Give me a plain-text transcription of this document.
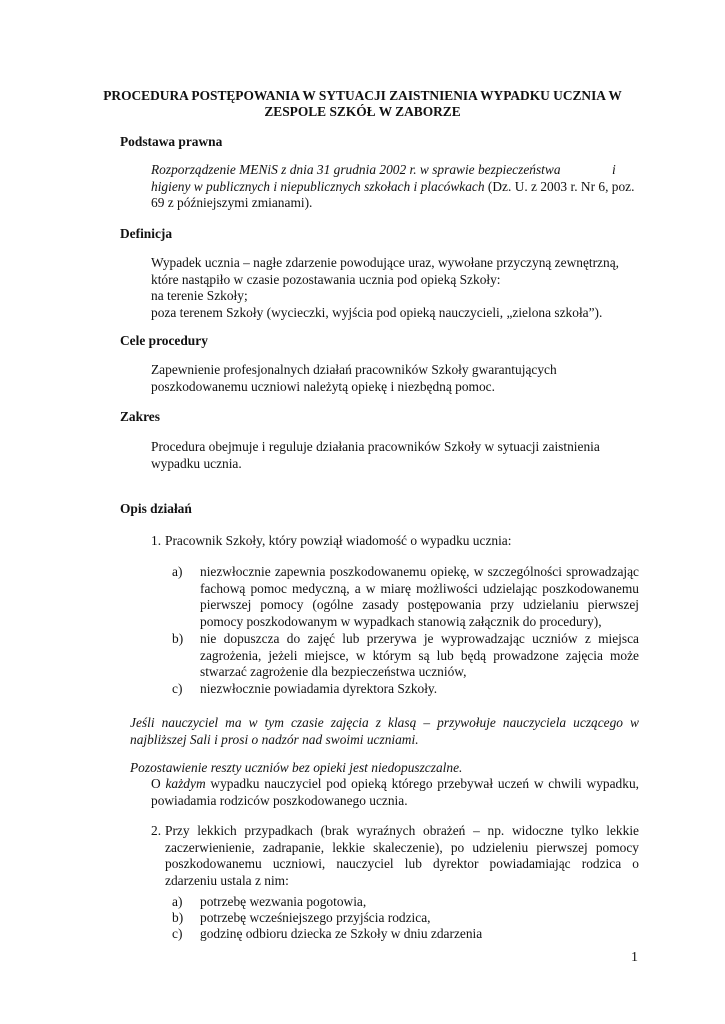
PROCEDURA POSTĘPOWANIA W SYTUACJI ZAISTNIENIA WYPADKU UCZNIA W
ZESPOLE SZKÓŁ W ZABORZE
Podstawa prawna
Rozporządzenie MENiS z dnia 31 grudnia 2002 r. w sprawie bezpieczeństwa	i
higieny w publicznych i niepublicznych szkołach i placówkach (Dz. U. z 2003 r. Nr 6, poz.
69 z późniejszymi zmianami).
Definicja
Wypadek ucznia – nagłe zdarzenie powodujące uraz, wywołane przyczyną zewnętrzną,
które nastąpiło w czasie pozostawania ucznia pod opieką Szkoły:
na terenie Szkoły;
poza terenem Szkoły (wycieczki, wyjścia pod opieką nauczycieli, „zielona szkoła”).
Cele procedury
Zapewnienie profesjonalnych działań pracowników Szkoły gwarantujących
poszkodowanemu uczniowi należytą opiekę i niezbędną pomoc.
Zakres
Procedura obejmuje i reguluje działania pracowników Szkoły w sytuacji zaistnienia
wypadku ucznia.
Opis działań
1. Pracownik Szkoły, który powziął wiadomość o wypadku ucznia:
a) niezwłocznie zapewnia poszkodowanemu opiekę, w szczególności sprowadzając
fachową pomoc medyczną, a w miarę możliwości udzielając poszkodowanemu
pierwszej pomocy (ogólne zasady postępowania przy udzielaniu pierwszej
pomocy poszkodowanym w wypadkach stanowią załącznik do procedury),
b) nie dopuszcza do zajęć lub przerywa je wyprowadzając uczniów z miejsca
zagrożenia, jeżeli miejsce, w którym są lub będą prowadzone zajęcia może
stwarzać zagrożenie dla bezpieczeństwa uczniów,
c) niezwłocznie powiadamia dyrektora Szkoły.
Jeśli nauczyciel ma w tym czasie zajęcia z klasą – przywołuje nauczyciela uczącego w
najbliższej Sali i prosi o nadzór nad swoimi uczniami.
Pozostawienie reszty uczniów bez opieki jest niedopuszczalne.
O każdym wypadku nauczyciel pod opieką którego przebywał uczeń w chwili wypadku,
powiadamia rodziców poszkodowanego ucznia.
2. Przy lekkich przypadkach (brak wyraźnych obrażeń – np. widoczne tylko lekkie
zaczerwienienie, zadrapanie, lekkie skaleczenie), po udzieleniu pierwszej pomocy
poszkodowanemu uczniowi, nauczyciel lub dyrektor powiadamiając rodzica o
zdarzeniu ustala z nim:
a) potrzebę wezwania pogotowia,
b) potrzebę wcześniejszego przyjścia rodzica,
c) godzinę odbioru dziecka ze Szkoły w dniu zdarzenia
1
